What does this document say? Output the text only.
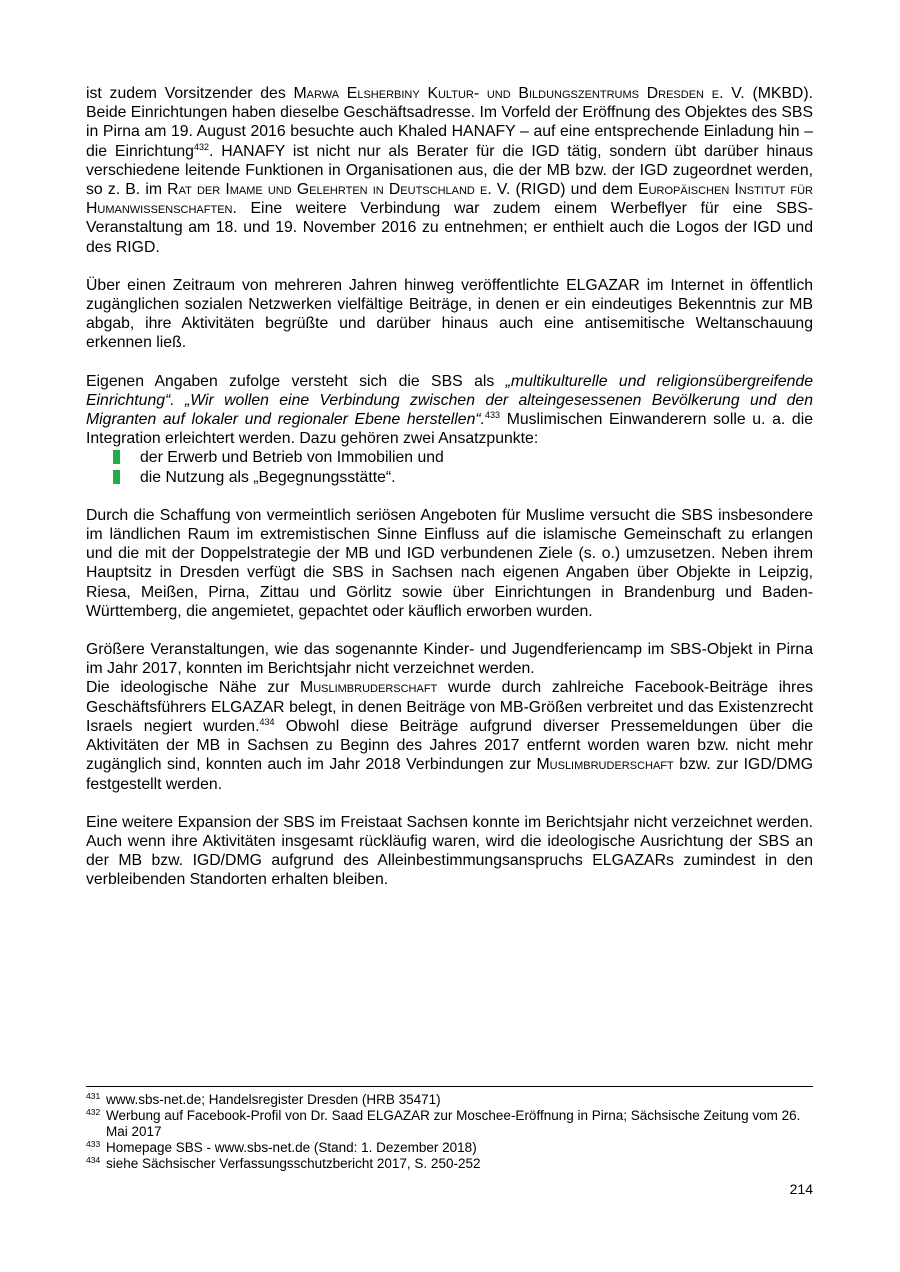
ist zudem Vorsitzender des Marwa Elsherbiny Kultur- und Bildungszentrums Dresden e. V. (MKBD). Beide Einrichtungen haben dieselbe Geschäftsadresse. Im Vorfeld der Eröffnung des Objektes des SBS in Pirna am 19. August 2016 besuchte auch Khaled HANAFY – auf eine entsprechende Einladung hin – die Einrichtung$^{432}$. HANAFY ist nicht nur als Berater für die IGD tätig, sondern übt darüber hinaus verschiedene leitende Funktionen in Organisationen aus, die der MB bzw. der IGD zugeordnet werden, so z. B. im Rat der Imame und Gelehrten in Deutschland e. V. (RIGD) und dem Europäischen Institut für Humanwissenschaften. Eine weitere Verbindung war zudem einem Werbeflyer für eine SBS-Veranstaltung am 18. und 19. November 2016 zu entnehmen; er enthielt auch die Logos der IGD und des RIGD.

Über einen Zeitraum von mehreren Jahren hinweg veröffentlichte ELGAZAR im Internet in öffentlich zugänglichen sozialen Netzwerken vielfältige Beiträge, in denen er ein eindeutiges Bekenntnis zur MB abgab, ihre Aktivitäten begrüßte und darüber hinaus auch eine antisemitische Weltanschauung erkennen ließ.

Eigenen Angaben zufolge versteht sich die SBS als „multikulturelle und religionsübergreifende Einrichtung“. „Wir wollen eine Verbindung zwischen der alteingesessenen Bevölkerung und den Migranten auf lokaler und regionaler Ebene herstellen“.$^{433}$ Muslimischen Einwanderern solle u. a. die Integration erleichtert werden. Dazu gehören zwei Ansatzpunkte:

der Erwerb und Betrieb von Immobilien und
die Nutzung als „Begegnungsstätte“.

Durch die Schaffung von vermeintlich seriösen Angeboten für Muslime versucht die SBS insbesondere im ländlichen Raum im extremistischen Sinne Einfluss auf die islamische Gemeinschaft zu erlangen und die mit der Doppelstrategie der MB und IGD verbundenen Ziele (s. o.) umzusetzen. Neben ihrem Hauptsitz in Dresden verfügt die SBS in Sachsen nach eigenen Angaben über Objekte in Leipzig, Riesa, Meißen, Pirna, Zittau und Görlitz sowie über Einrichtungen in Brandenburg und Baden-Württemberg, die angemietet, gepachtet oder käuflich erworben wurden.

Größere Veranstaltungen, wie das sogenannte Kinder- und Jugendferiencamp im SBS-Objekt in Pirna im Jahr 2017, konnten im Berichtsjahr nicht verzeichnet werden.

Die ideologische Nähe zur Muslimbruderschaft wurde durch zahlreiche Facebook-Beiträge ihres Geschäftsführers ELGAZAR belegt, in denen Beiträge von MB-Größen verbreitet und das Existenzrecht Israels negiert wurden.$^{434}$ Obwohl diese Beiträge aufgrund diverser Pressemeldungen über die Aktivitäten der MB in Sachsen zu Beginn des Jahres 2017 entfernt worden waren bzw. nicht mehr zugänglich sind, konnten auch im Jahr 2018 Verbindungen zur Muslimbruderschaft bzw. zur IGD/DMG festgestellt werden.

Eine weitere Expansion der SBS im Freistaat Sachsen konnte im Berichtsjahr nicht verzeichnet werden. Auch wenn ihre Aktivitäten insgesamt rückläufig waren, wird die ideologische Ausrichtung der SBS an der MB bzw. IGD/DMG aufgrund des Alleinbestimmungsanspruchs ELGAZARs zumindest in den verbleibenden Standorten erhalten bleiben.

$^{431}$ www.sbs-net.de; Handelsregister Dresden (HRB 35471)
$^{432}$ Werbung auf Facebook-Profil von Dr. Saad ELGAZAR zur Moschee-Eröffnung in Pirna; Sächsische Zeitung vom 26. Mai 2017
$^{433}$ Homepage SBS - www.sbs-net.de (Stand: 1. Dezember 2018)
$^{434}$ siehe Sächsischer Verfassungsschutzbericht 2017, S. 250-252
214
